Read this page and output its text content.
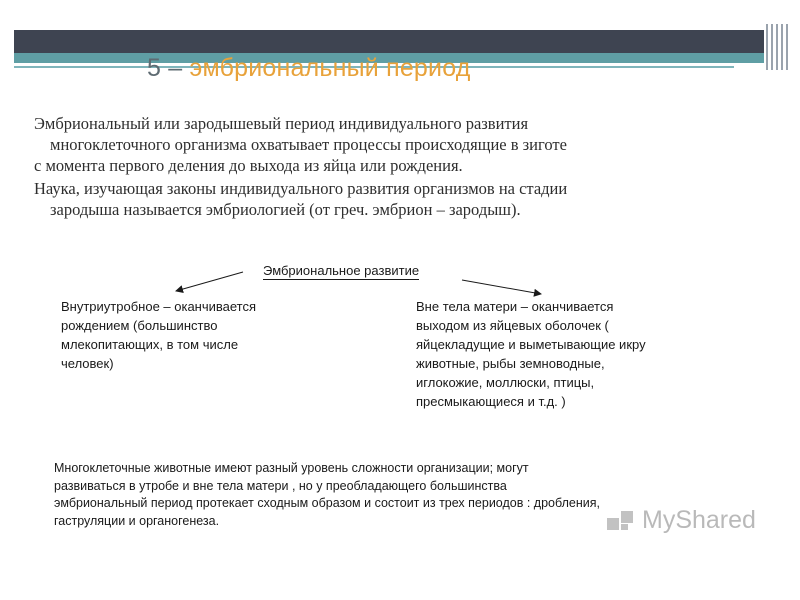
5 – эмбриональный период

Эмбриональный или зародышевый период индивидуального развития
многоклеточного организма охватывает процессы происходящие в зиготе
с момента первого деления до выхода из яйца или рождения.

Наука, изучающая законы индивидуального развития организмов на стадии
зародыша называется эмбриологией (от греч. эмбрион – зародыш).

Эмбриональное развитие
Внутриутробное – оканчивается
рождением (большинство
млекопитающих, в том числе
человек)
Вне тела матери – оканчивается
выходом из яйцевых оболочек (
яйцекладущие и выметывающие икру
животные, рыбы земноводные,
иглокожие, моллюски, птицы,
пресмыкающиеся и т.д. )
Многоклеточные животные имеют разный уровень сложности организации; могут
развиваться в утробе и вне тела матери , но у преобладающего большинства
эмбриональный период протекает сходным образом и состоит из трех периодов : дробления,
гаструляции и органогенеза.	MyShared
